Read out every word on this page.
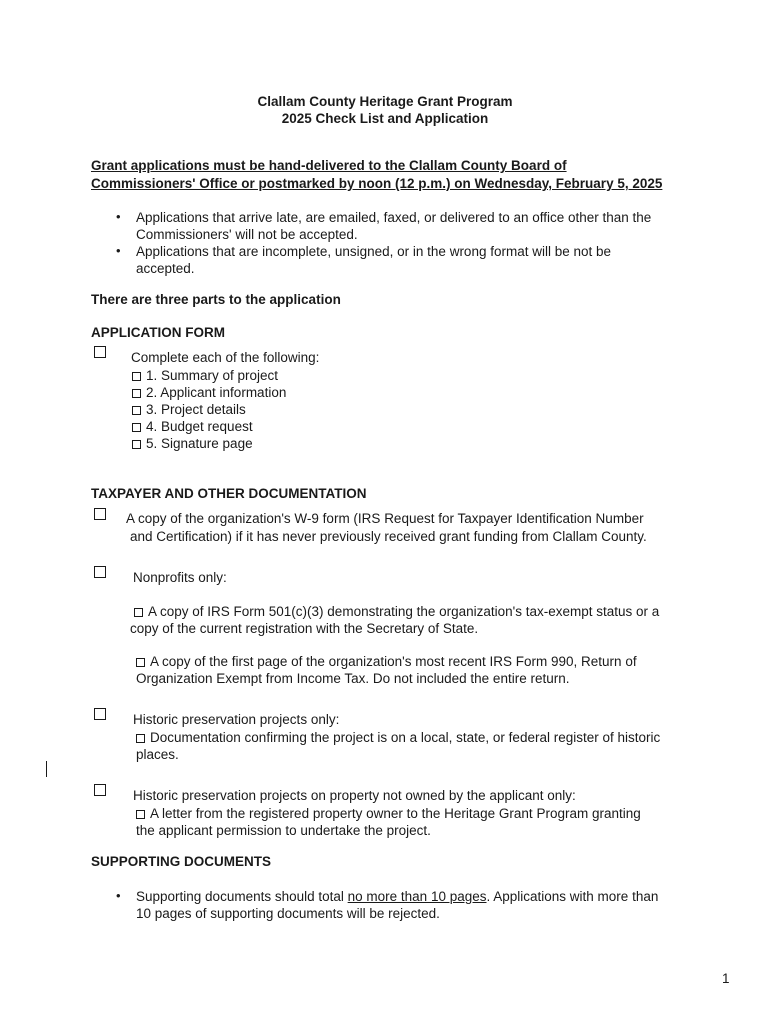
Clallam County Heritage Grant Program
2025 Check List and Application
Grant applications must be hand-delivered to the Clallam County Board of
Commissioners' Office or postmarked by noon (12 p.m.) on Wednesday, February 5, 2025
• Applications that arrive late, are emailed, faxed, or delivered to an office other than the
Commissioners' will not be accepted.
• Applications that are incomplete, unsigned, or in the wrong format will be not be
accepted.
There are three parts to the application
APPLICATION FORM
Complete each of the following:
1. Summary of project
2. Applicant information
3. Project details
4. Budget request
5. Signature page
TAXPAYER AND OTHER DOCUMENTATION
A copy of the organization's W-9 form (IRS Request for Taxpayer Identification Number
and Certification) if it has never previously received grant funding from Clallam County.
Nonprofits only:
A copy of IRS Form 501(c)(3) demonstrating the organization's tax-exempt status or a
copy of the current registration with the Secretary of State.
A copy of the first page of the organization's most recent IRS Form 990, Return of
Organization Exempt from Income Tax. Do not included the entire return.
Historic preservation projects only:
Documentation confirming the project is on a local, state, or federal register of historic
places.
Historic preservation projects on property not owned by the applicant only:
A letter from the registered property owner to the Heritage Grant Program granting
the applicant permission to undertake the project.
SUPPORTING DOCUMENTS
• Supporting documents should total no more than 10 pages. Applications with more than
10 pages of supporting documents will be rejected.
1
